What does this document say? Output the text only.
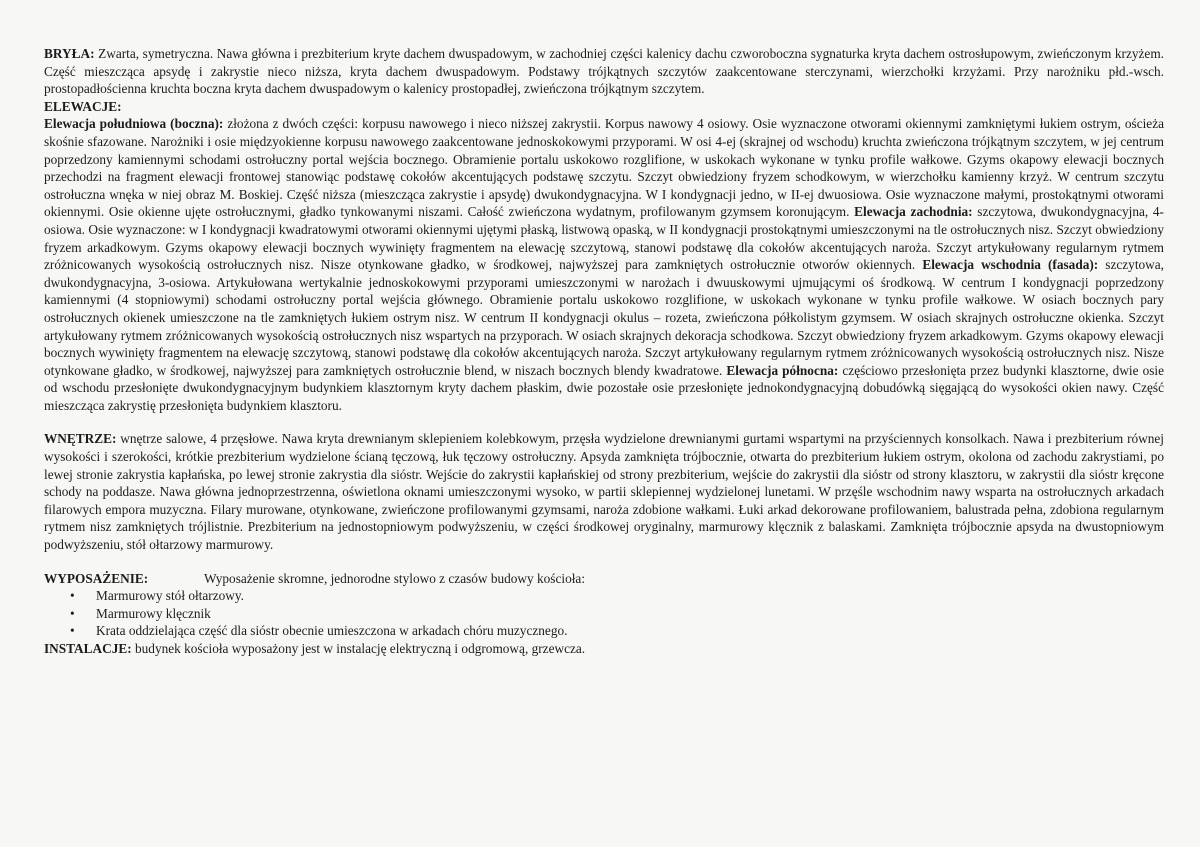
BRYŁA: Zwarta, symetryczna. Nawa główna i prezbiterium kryte dachem dwuspadowym, w zachodniej części kalenicy dachu czworoboczna sygnaturka kryta dachem ostrosłupowym, zwieńczonym krzyżem. Część mieszcząca apsydę i zakrystie nieco niższa, kryta dachem dwuspadowym. Podstawy trójkątnych szczytów zaakcentowane sterczynami, wierzchołki krzyżami. Przy narożniku płd.-wsch. prostopadłościenna kruchta boczna kryta dachem dwuspadowym o kalenicy prostopadłej, zwieńczona trójkątnym szczytem.

ELEWACJE:

Elewacja południowa (boczna): złożona z dwóch części: korpusu nawowego i nieco niższej zakrystii. Korpus nawowy 4 osiowy. Osie wyznaczone otworami okiennymi zamkniętymi łukiem ostrym, ościeża skośnie sfazowane. Narożniki i osie międzyokienne korpusu nawowego zaakcentowane jednoskokowymi przyporami. W osi 4-ej (skrajnej od wschodu) kruchta zwieńczona trójkątnym szczytem, w jej centrum poprzedzony kamiennymi schodami ostrołuczny portal wejścia bocznego. Obramienie portalu uskokowo rozglifione, w uskokach wykonane w tynku profile wałkowe. Gzyms okapowy elewacji bocznych przechodzi na fragment elewacji frontowej stanowiąc podstawę cokołów akcentujących podstawę szczytu. Szczyt obwiedziony fryzem schodkowym, w wierzchołku kamienny krzyż. W centrum szczytu ostrołuczna wnęka w niej obraz M. Boskiej. Część niższa (mieszcząca zakrystie i apsydę) dwukondygnacyjna. W I kondygnacji jedno, w II-ej dwuosiowa. Osie wyznaczone małymi, prostokątnymi otworami okiennymi. Osie okienne ujęte ostrołucznymi, gładko tynkowanymi niszami. Całość zwieńczona wydatnym, profilowanym gzymsem koronującym. Elewacja zachodnia: szczytowa, dwukondygnacyjna, 4-osiowa. Osie wyznaczone: w I kondygnacji kwadratowymi otworami okiennymi ujętymi płaską, listwową opaską, w II kondygnacji prostokątnymi umieszczonymi na tle ostrołucznych nisz. Szczyt obwiedziony fryzem arkadkowym. Gzyms okapowy elewacji bocznych wywinięty fragmentem na elewację szczytową, stanowi podstawę dla cokołów akcentujących naroża. Szczyt artykułowany regularnym rytmem zróżnicowanych wysokością ostrołucznych nisz. Nisze otynkowane gładko, w środkowej, najwyższej para zamkniętych ostrołucznie otworów okiennych. Elewacja wschodnia (fasada): szczytowa, dwukondygnacyjna, 3-osiowa. Artykułowana wertykalnie jednoskokowymi przyporami umieszczonymi w narożach i dwuuskowymi ujmującymi oś środkową. W centrum I kondygnacji poprzedzony kamiennymi (4 stopniowymi) schodami ostrołuczny portal wejścia głównego. Obramienie portalu uskokowo rozglifione, w uskokach wykonane w tynku profile wałkowe. W osiach bocznych pary ostrołucznych okienek umieszczone na tle zamkniętych łukiem ostrym nisz. W centrum II kondygnacji okulus – rozeta, zwieńczona półkolistym gzymsem. W osiach skrajnych ostrołuczne okienka. Szczyt artykułowany rytmem zróżnicowanych wysokością ostrołucznych nisz wspartych na przyporach. W osiach skrajnych dekoracja schodkowa. Szczyt obwiedziony fryzem arkadkowym. Gzyms okapowy elewacji bocznych wywinięty fragmentem na elewację szczytową, stanowi podstawę dla cokołów akcentujących naroża. Szczyt artykułowany regularnym rytmem zróżnicowanych wysokością ostrołucznych nisz. Nisze otynkowane gładko, w środkowej, najwyższej para zamkniętych ostrołucznie blend, w niszach bocznych blendy kwadratowe. Elewacja północna: częściowo przesłonięta przez budynki klasztorne, dwie osie od wschodu przesłonięte dwukondygnacyjnym budynkiem klasztornym kryty dachem płaskim, dwie pozostałe osie przesłonięte jednokondygnacyjną dobudówką sięgającą do wysokości okien nawy. Część mieszcząca zakrystię przesłonięta budynkiem klasztoru.

WNĘTRZE: wnętrze salowe, 4 przęsłowe. Nawa kryta drewnianym sklepieniem kolebkowym, przęsła wydzielone drewnianymi gurtami wspartymi na przyściennych konsolkach. Nawa i prezbiterium równej wysokości i szerokości, krótkie prezbiterium wydzielone ścianą tęczową, łuk tęczowy ostrołuczny. Apsyda zamknięta trójbocznie, otwarta do prezbiterium łukiem ostrym, okolona od zachodu zakrystiami, po lewej stronie zakrystia kapłańska, po lewej stronie zakrystia dla sióstr. Wejście do zakrystii kapłańskiej od strony prezbiterium, wejście do zakrystii dla sióstr od strony klasztoru, w zakrystii dla sióstr kręcone schody na poddasze. Nawa główna jednoprzestrzenna, oświetlona oknami umieszczonymi wysoko, w partii sklepiennej wydzielonej lunetami. W przęśle wschodnim nawy wsparta na ostrołucznych arkadach filarowych empora muzyczna. Filary murowane, otynkowane, zwieńczone profilowanymi gzymsami, naroża zdobione wałkami. Łuki arkad dekorowane profilowaniem, balustrada pełna, zdobiona regularnym rytmem nisz zamkniętych trójlistnie. Prezbiterium na jednostopniowym podwyższeniu, w części środkowej oryginalny, marmurowy klęcznik z balaskami. Zamknięta trójbocznie apsyda na dwustopniowym podwyższeniu, stół ołtarzowy marmurowy.

WYPOSAŻENIE:	Wyposażenie skromne, jednorodne stylowo z czasów budowy kościoła:

• Marmurowy stół ołtarzowy.
• Marmurowy klęcznik
• Krata oddzielająca część dla sióstr obecnie umieszczona w arkadach chóru muzycznego.

INSTALACJE: budynek kościoła wyposażony jest w instalację elektryczną i odgromową, grzewcza.
